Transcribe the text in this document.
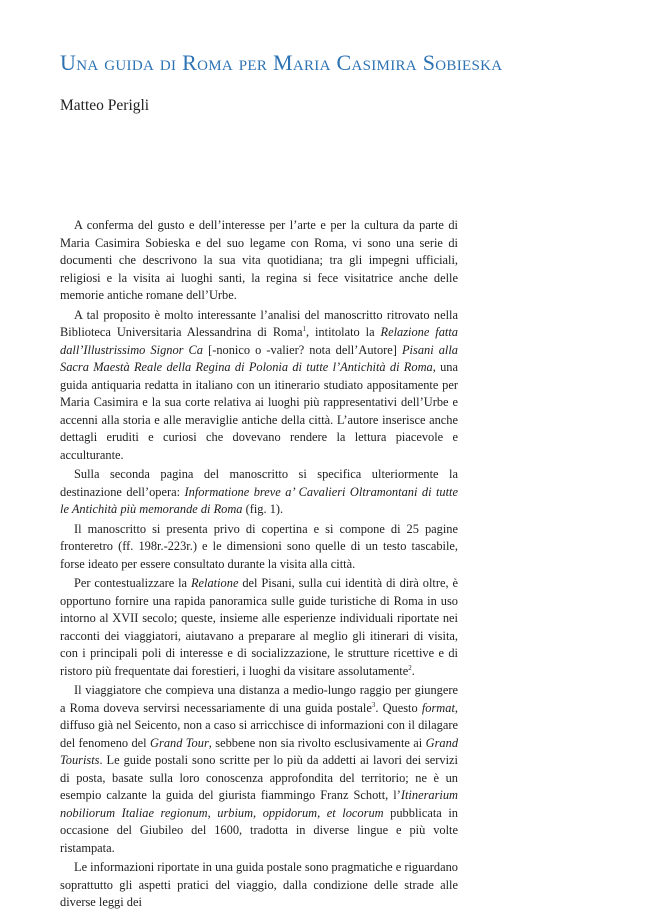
Una guida di Roma per Maria Casimira Sobieska

Matteo Perigli

A conferma del gusto e dell’interesse per l’arte e per la cultura da parte di Maria Casimira Sobieska e del suo legame con Roma, vi sono una serie di documenti che descrivono la sua vita quotidiana; tra gli impegni ufficiali, religiosi e la visita ai luoghi santi, la regina si fece visitatrice anche delle memorie antiche romane dell’Urbe.

A tal proposito è molto interessante l’analisi del manoscritto ritrovato nella Biblioteca Universitaria Alessandrina di Roma$^1$, intitolato la Relazione fatta dall’Illustrissimo Signor Ca [-nonico o -valier? nota dell’Autore] Pisani alla Sacra Maestà Reale della Regina di Polonia di tutte l’Antichità di Roma, una guida antiquaria redatta in italiano con un itinerario studiato appositamente per Maria Casimira e la sua corte relativa ai luoghi più rappresentativi dell’Urbe e accenni alla storia e alle meraviglie antiche della città. L’autore inserisce anche dettagli eruditi e curiosi che dovevano rendere la lettura piacevole e acculturante.

Sulla seconda pagina del manoscritto si specifica ulteriormente la destinazione dell’opera: Informatione breve a’ Cavalieri Oltramontani di tutte le Antichità più memorande di Roma (fig. 1).

Il manoscritto si presenta privo di copertina e si compone di 25 pagine fronteretro (ff. 198r.-223r.) e le dimensioni sono quelle di un testo tascabile, forse ideato per essere consultato durante la visita alla città.

Per contestualizzare la Relatione del Pisani, sulla cui identità di dirà oltre, è opportuno fornire una rapida panoramica sulle guide turistiche di Roma in uso intorno al XVII secolo; queste, insieme alle esperienze individuali riportate nei racconti dei viaggiatori, aiutavano a preparare al meglio gli itinerari di visita, con i principali poli di interesse e di socializzazione, le strutture ricettive e di ristoro più frequentate dai forestieri, i luoghi da visitare assolutamente$^2$.

Il viaggiatore che compieva una distanza a medio-lungo raggio per giungere a Roma doveva servirsi necessariamente di una guida postale$^3$. Questo format, diffuso già nel Seicento, non a caso si arricchisce di informazioni con il dilagare del fenomeno del Grand Tour, sebbene non sia rivolto esclusivamente ai Grand Tourists. Le guide postali sono scritte per lo più da addetti ai lavori dei servizi di posta, basate sulla loro conoscenza approfondita del territorio; ne è un esempio calzante la guida del giurista fiammingo Franz Schott, l’Itinerarium nobiliorum Italiae regionum, urbium, oppidorum, et locorum pubblicata in occasione del Giubileo del 1600, tradotta in diverse lingue e più volte ristampata.

Le informazioni riportate in una guida postale sono pragmatiche e riguardano soprattutto gli aspetti pratici del viaggio, dalla condizione delle strade alle diverse leggi dei
